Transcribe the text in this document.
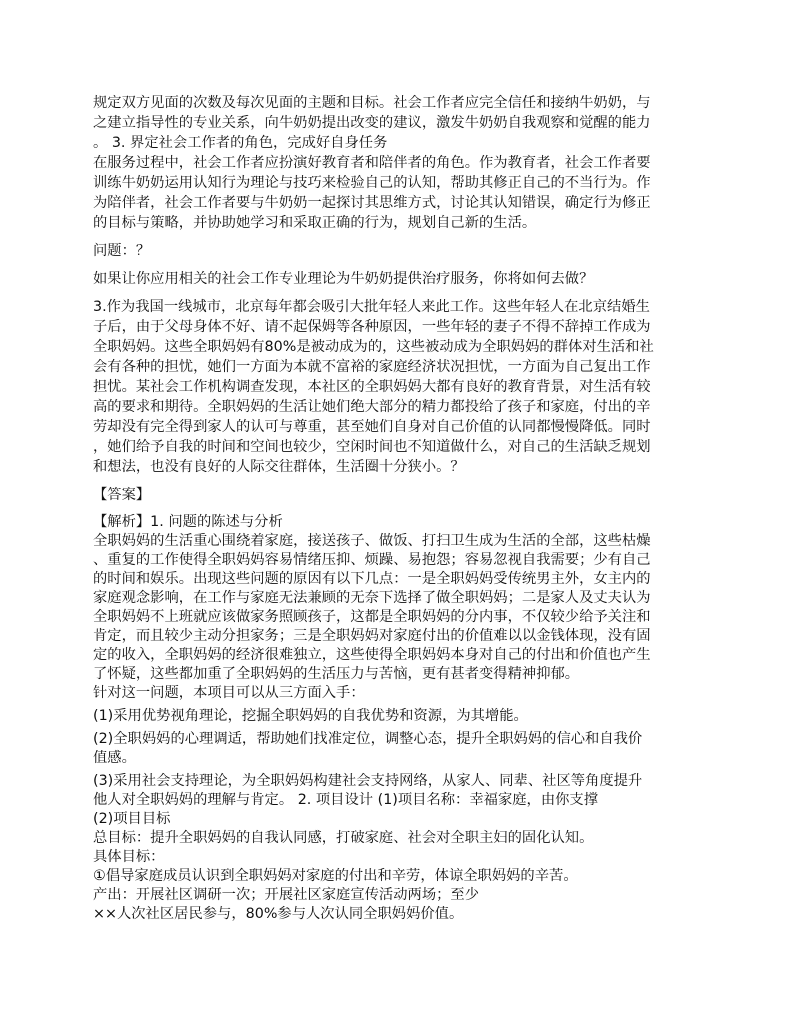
规定双方见面的次数及每次见面的主题和目标。社会工作者应完全信任和接纳牛奶奶，与
之建立指导性的专业关系，向牛奶奶提出改变的建议，激发牛奶奶自我观察和觉醒的能力
。 3. 界定社会工作者的角色，完成好自身任务
在服务过程中，社会工作者应扮演好教育者和陪伴者的角色。作为教育者，社会工作者要
训练牛奶奶运用认知行为理论与技巧来检验自己的认知，帮助其修正自己的不当行为。作
为陪伴者，社会工作者要与牛奶奶一起探讨其思维方式，讨论其认知错误，确定行为修正
的目标与策略，并协助她学习和采取正确的行为，规划自己新的生活。
问题：？
如果让你应用相关的社会工作专业理论为牛奶奶提供治疗服务，你将如何去做？
3.作为我国一线城市，北京每年都会吸引大批年轻人来此工作。这些年轻人在北京结婚生
子后，由于父母身体不好、请不起保姆等各种原因，一些年轻的妻子不得不辞掉工作成为
全职妈妈。这些全职妈妈有80%是被动成为的，这些被动成为全职妈妈的群体对生活和社
会有各种的担忧，她们一方面为本就不富裕的家庭经济状况担忧，一方面为自己复出工作
担忧。某社会工作机构调查发现，本社区的全职妈妈大都有良好的教育背景，对生活有较
高的要求和期待。全职妈妈的生活让她们绝大部分的精力都投给了孩子和家庭，付出的辛
劳却没有完全得到家人的认可与尊重，甚至她们自身对自己价值的认同都慢慢降低。同时
，她们给予自我的时间和空间也较少，空闲时间也不知道做什么，对自己的生活缺乏规划
和想法，也没有良好的人际交往群体，生活圈十分狭小。？
【答案】
【解析】1. 问题的陈述与分析
全职妈妈的生活重心围绕着家庭，接送孩子、做饭、打扫卫生成为生活的全部，这些枯燥
、重复的工作使得全职妈妈容易情绪压抑、烦躁、易抱怨；容易忽视自我需要；少有自己
的时间和娱乐。出现这些问题的原因有以下几点：一是全职妈妈受传统男主外，女主内的
家庭观念影响，在工作与家庭无法兼顾的无奈下选择了做全职妈妈；二是家人及丈夫认为
全职妈妈不上班就应该做家务照顾孩子，这都是全职妈妈的分内事，不仅较少给予关注和
肯定，而且较少主动分担家务；三是全职妈妈对家庭付出的价值难以以金钱体现，没有固
定的收入，全职妈妈的经济很难独立，这些使得全职妈妈本身对自己的付出和价值也产生
了怀疑，这些都加重了全职妈妈的生活压力与苦恼，更有甚者变得精神抑郁。
针对这一问题，本项目可以从三方面入手：
(1)采用优势视角理论，挖掘全职妈妈的自我优势和资源，为其增能。
(2)全职妈妈的心理调适，帮助她们找准定位，调整心态，提升全职妈妈的信心和自我价
值感。
(3)采用社会支持理论，为全职妈妈构建社会支持网络，从家人、同辈、社区等角度提升
他人对全职妈妈的理解与肯定。 2. 项目设计 (1)项目名称：幸福家庭，由你支撑
(2)项目目标
总目标：提升全职妈妈的自我认同感，打破家庭、社会对全职主妇的固化认知。
具体目标：
①倡导家庭成员认识到全职妈妈对家庭的付出和辛劳，体谅全职妈妈的辛苦。
产出：开展社区调研一次；开展社区家庭宣传活动两场；至少
××人次社区居民参与，80%参与人次认同全职妈妈价值。
